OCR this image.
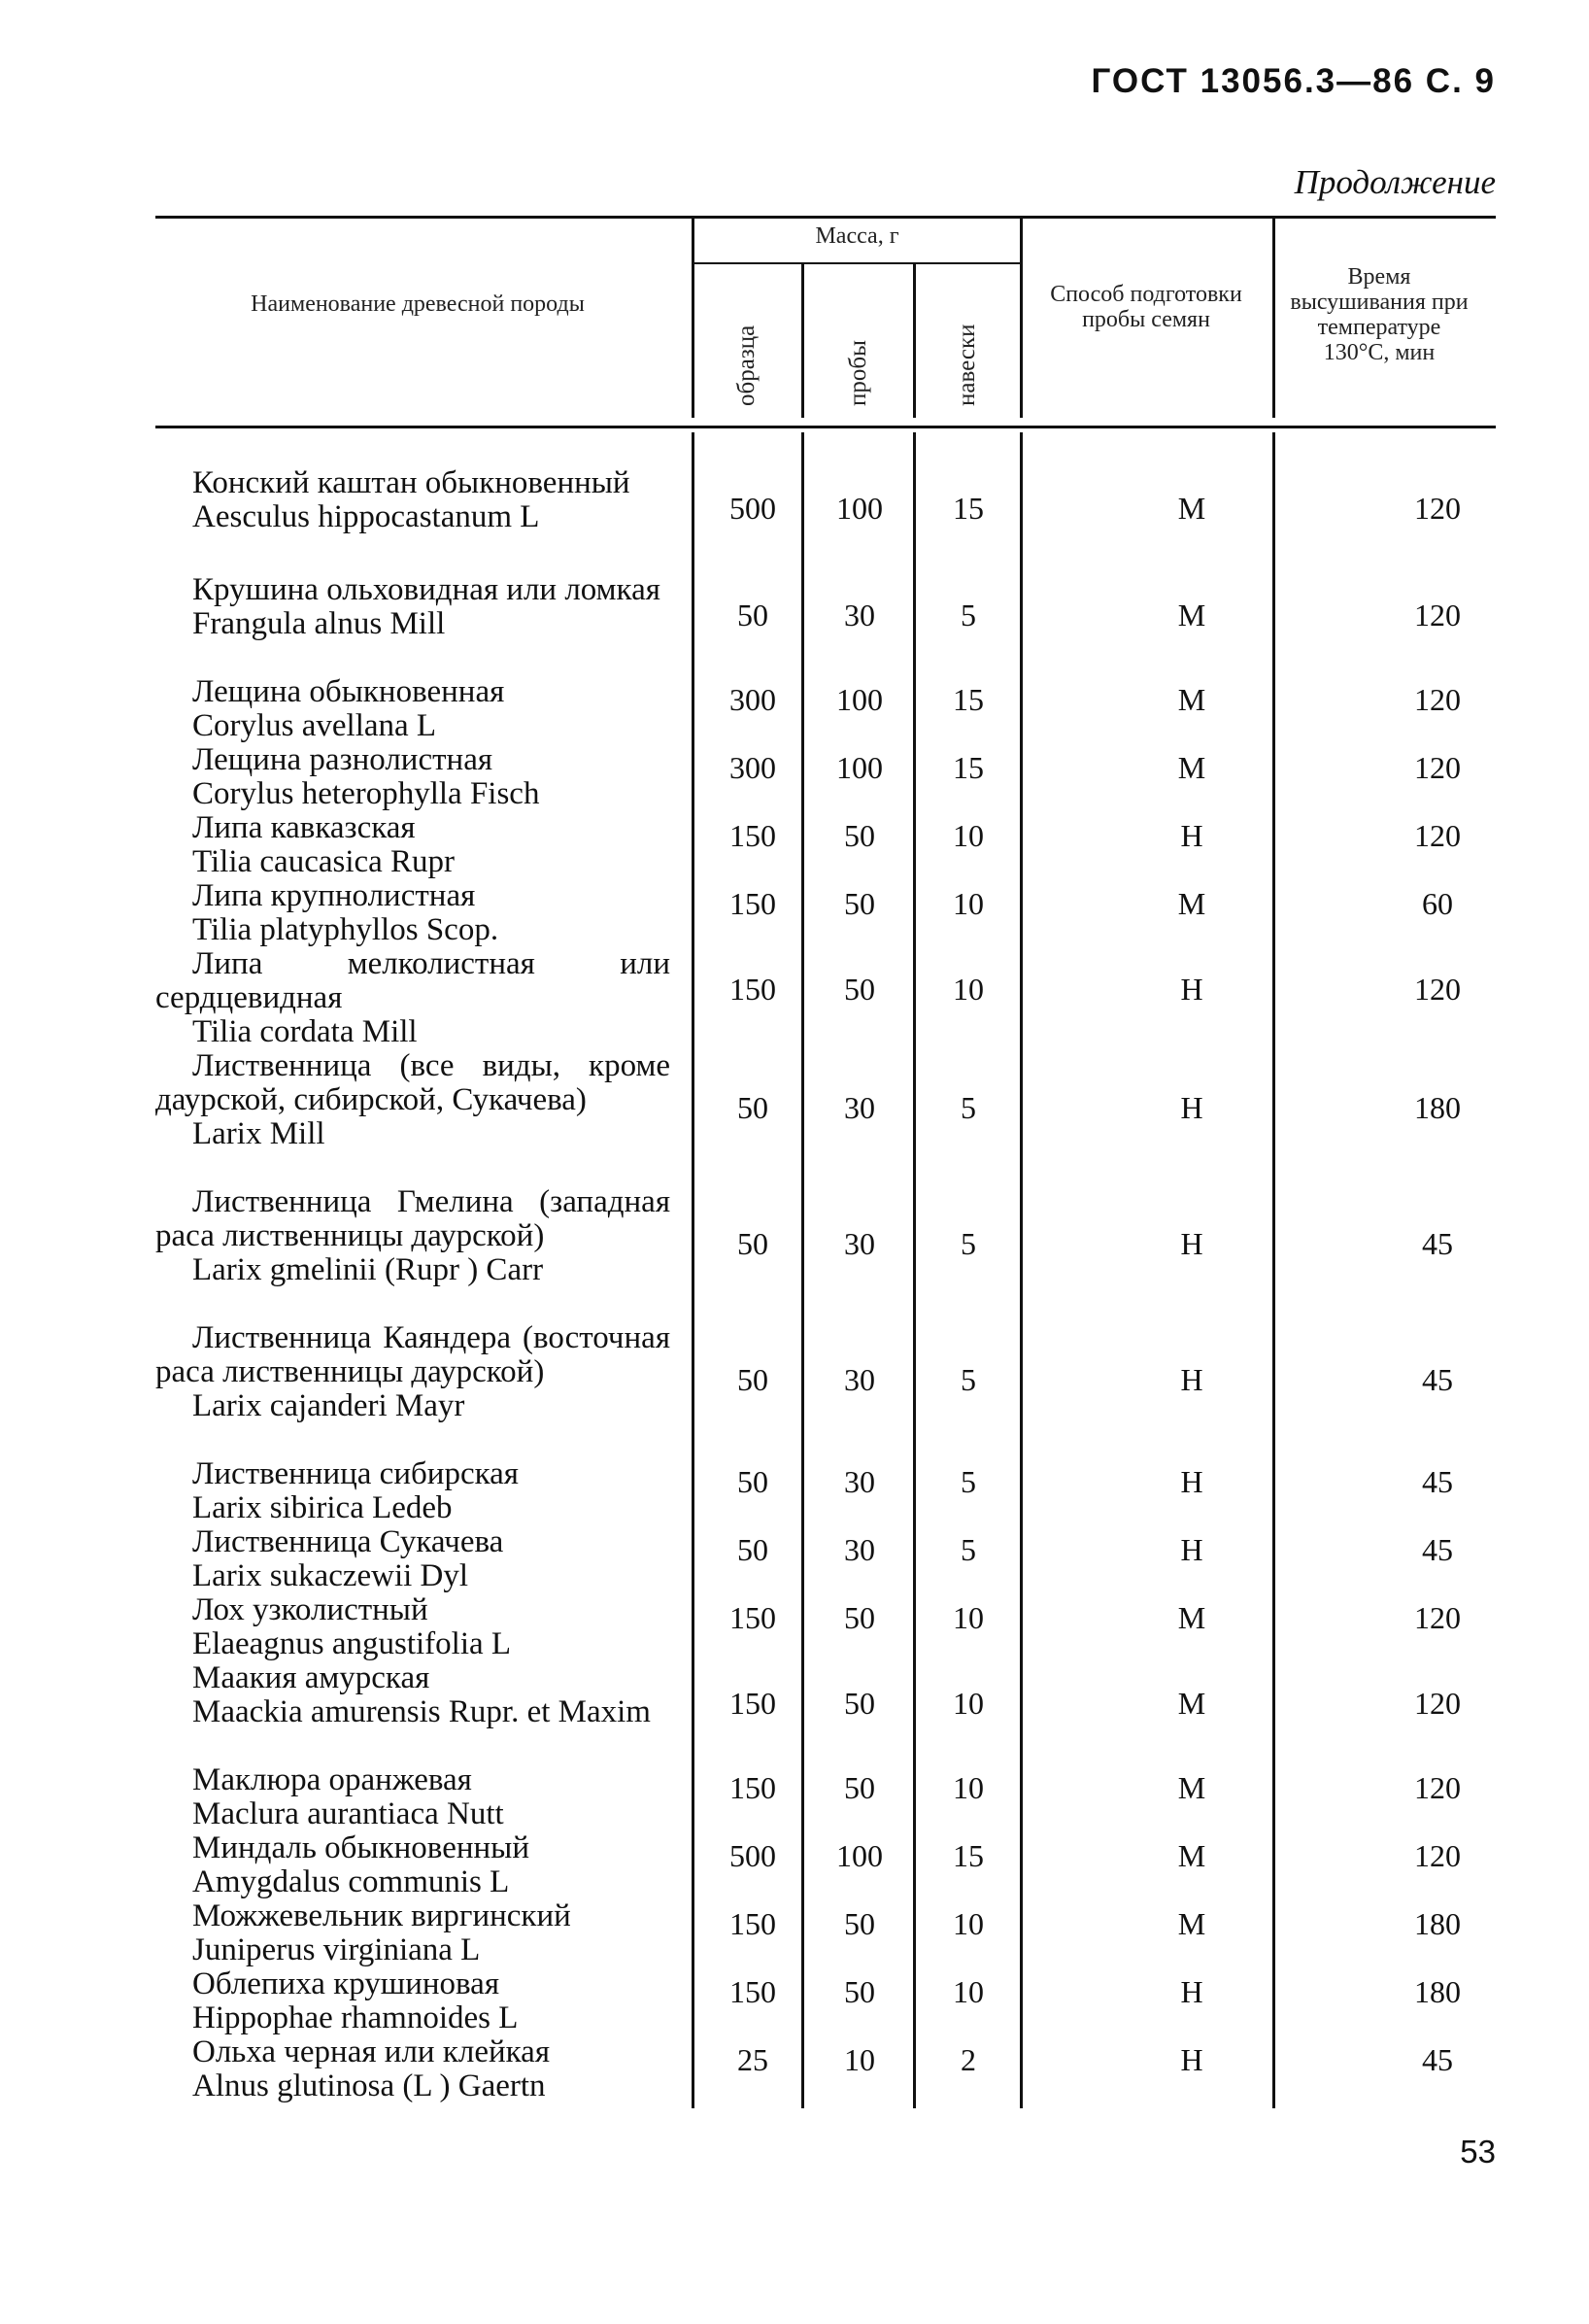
ГОСТ 13056.3—86 С. 9
Продолжение
Наименование древесной породы
Масса, г
образца	пробы	навески
Способ подготовки пробы семян
Время высушивания при температуре 130°С, мин
Конский каштан обыкновенный
Aesculus hippocastanum L	500	100	15	М	120
Крушина ольховидная или ломкая
Frangula alnus Mill	50	30	5	М	120
Лещина обыкновенная
Corylus avellana L
300	100	15	М	120
Лещина разнолистная
Corylus heterophylla Fisch
300	100	15	М	120
Липа кавказская
Tilia caucasica Rupr
150	50	10	Н	120
Липа крупнолистная
Tilia platyphyllos Scop.
150	50	10	М	60
Липа мелколистная или сердцевидная
Tilia cordata Mill
150	50	10	Н	120
Лиственница (все виды, кроме даурской, сибирской, Сукачева)
Larix Mill
50	30	5	Н	180
Лиственница Гмелина (западная раса лиственницы даурской)
Larix gmelinii (Rupr ) Carr
50	30	5	Н	45
Лиственница Каяндера (восточная раса лиственницы даурской)
Larix cajanderi Mayr
50	30	5	Н	45
Лиственница сибирская
Larix sibirica Ledeb
50	30	5	Н	45
Лиственница Сукачева
Larix sukaczewii Dyl
50	30	5	Н	45
Лох узколистный
Elaeagnus angustifolia L
150	50	10	М	120
Маакия амурская
Maackia amurensis Rupr. et Maxim	150	50	10	М	120
Маклюра оранжевая
Maclura aurantiaca Nutt
150	50	10	М	120
Миндаль обыкновенный
Amygdalus communis L
500	100	15	М	120
Можжевельник виргинский
Juniperus virginiana L
150	50	10	М	180
Облепиха крушиновая
Hippophae rhamnoides L
150	50	10	Н	180
Ольха черная или клейкая
Alnus glutinosa (L ) Gaertn
25	10	2	Н	45
53
